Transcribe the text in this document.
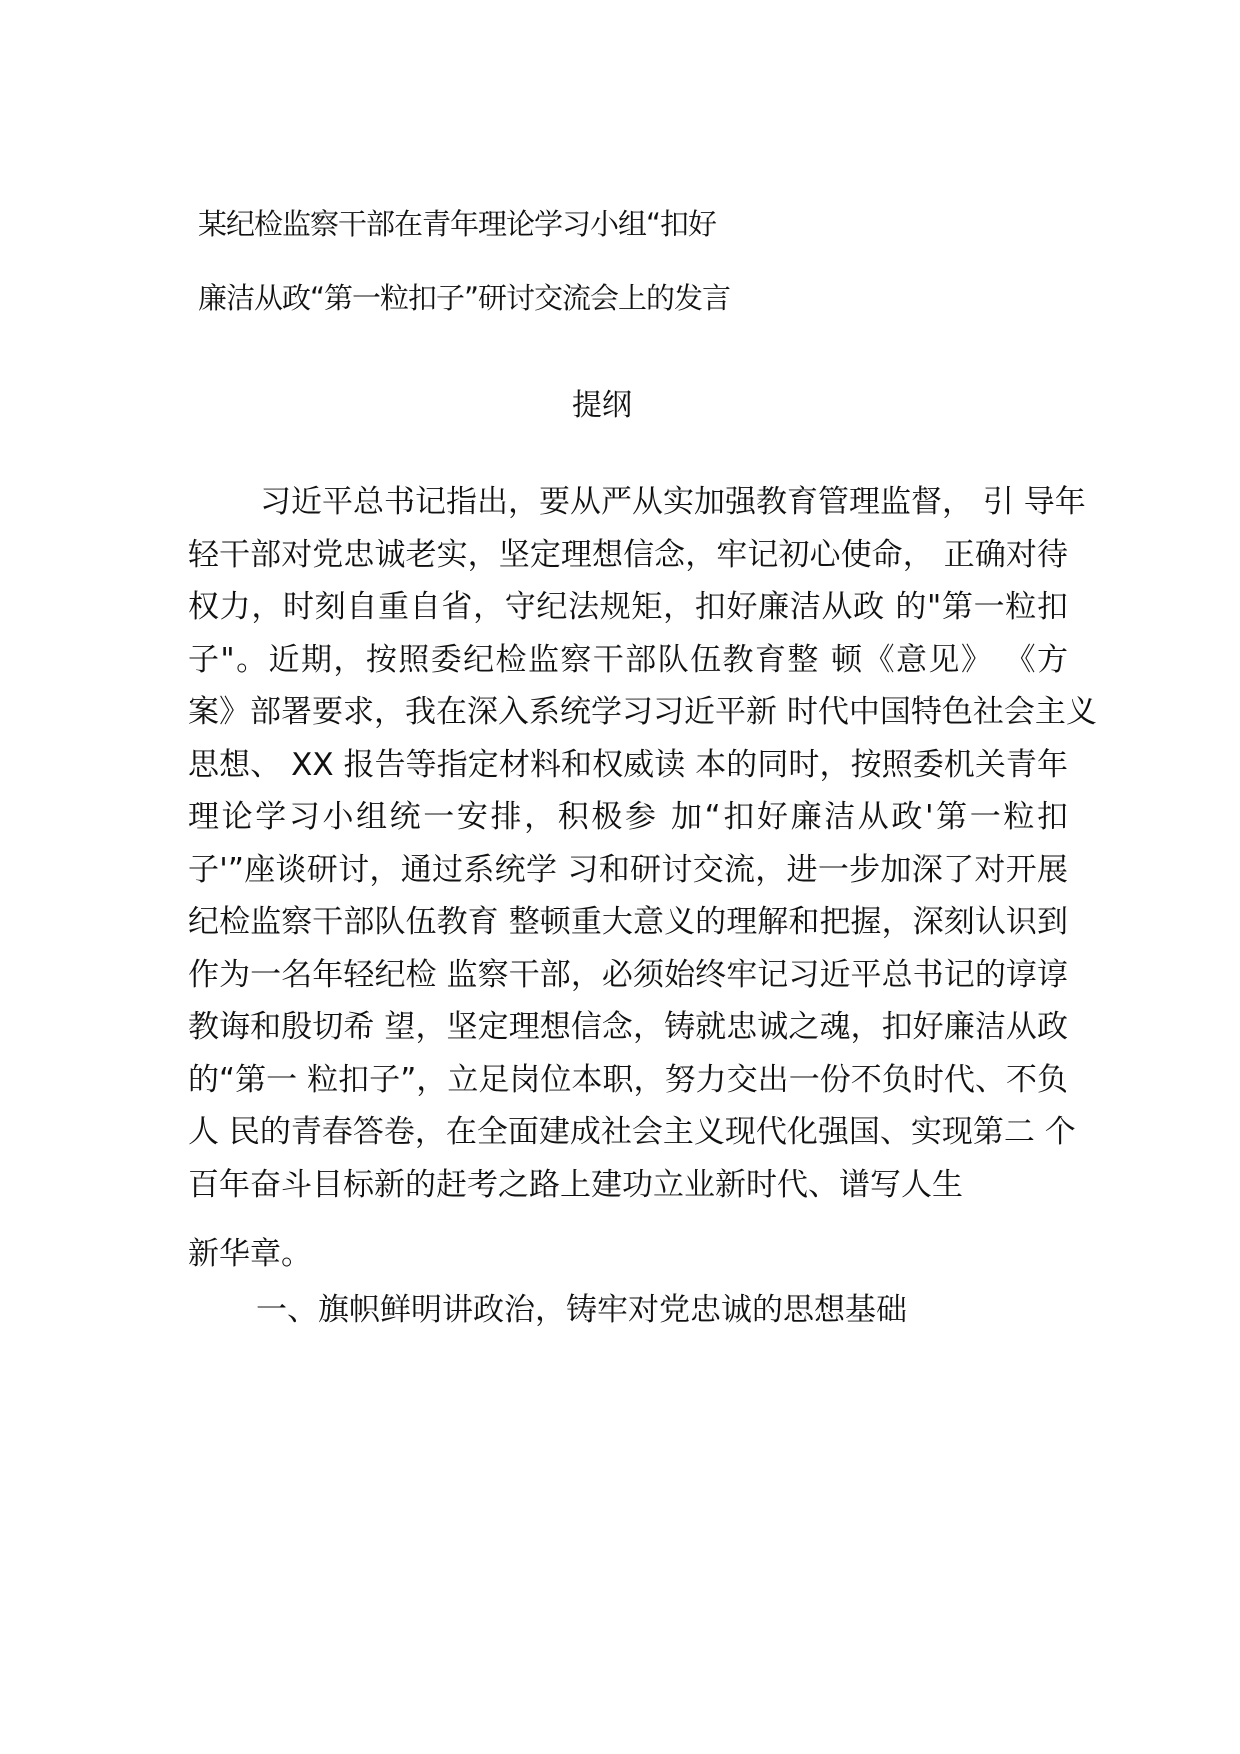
某纪检监察干部在青年理论学习小组“扣好
廉洁从政“第一粒扣子”研讨交流会上的发言
提纲
习近平总书记指出，要从严从实加强教育管理监督， 引 导年
轻干部对党忠诚老实，坚定理想信念，牢记初心使命， 正确对待
权力，时刻自重自省，守纪法规矩，扣好廉洁从政 的"第一粒扣
子"。近期，按照委纪检监察干部队伍教育整 顿《意见》 《方
案》部署要求，我在深入系统学习习近平新 时代中国特色社会主义
思想、 XX 报告等指定材料和权威读 本的同时，按照委机关青年
理论学习小组统一安排，积极参 加“扣好廉洁从政'第一粒扣
子'”座谈研讨，通过系统学 习和研讨交流，进一步加深了对开展
纪检监察干部队伍教育 整顿重大意义的理解和把握，深刻认识到
作为一名年轻纪检 监察干部，必须始终牢记习近平总书记的谆谆
教诲和殷切希 望，坚定理想信念，铸就忠诚之魂，扣好廉洁从政
的“第一 粒扣子”，立足岗位本职，努力交出一份不负时代、不负
人 民的青春答卷，在全面建成社会主义现代化强国、实现第二 个
百年奋斗目标新的赶考之路上建功立业新时代、谱写人生
新华章。
一、旗帜鲜明讲政治，铸牢对党忠诚的思想基础
